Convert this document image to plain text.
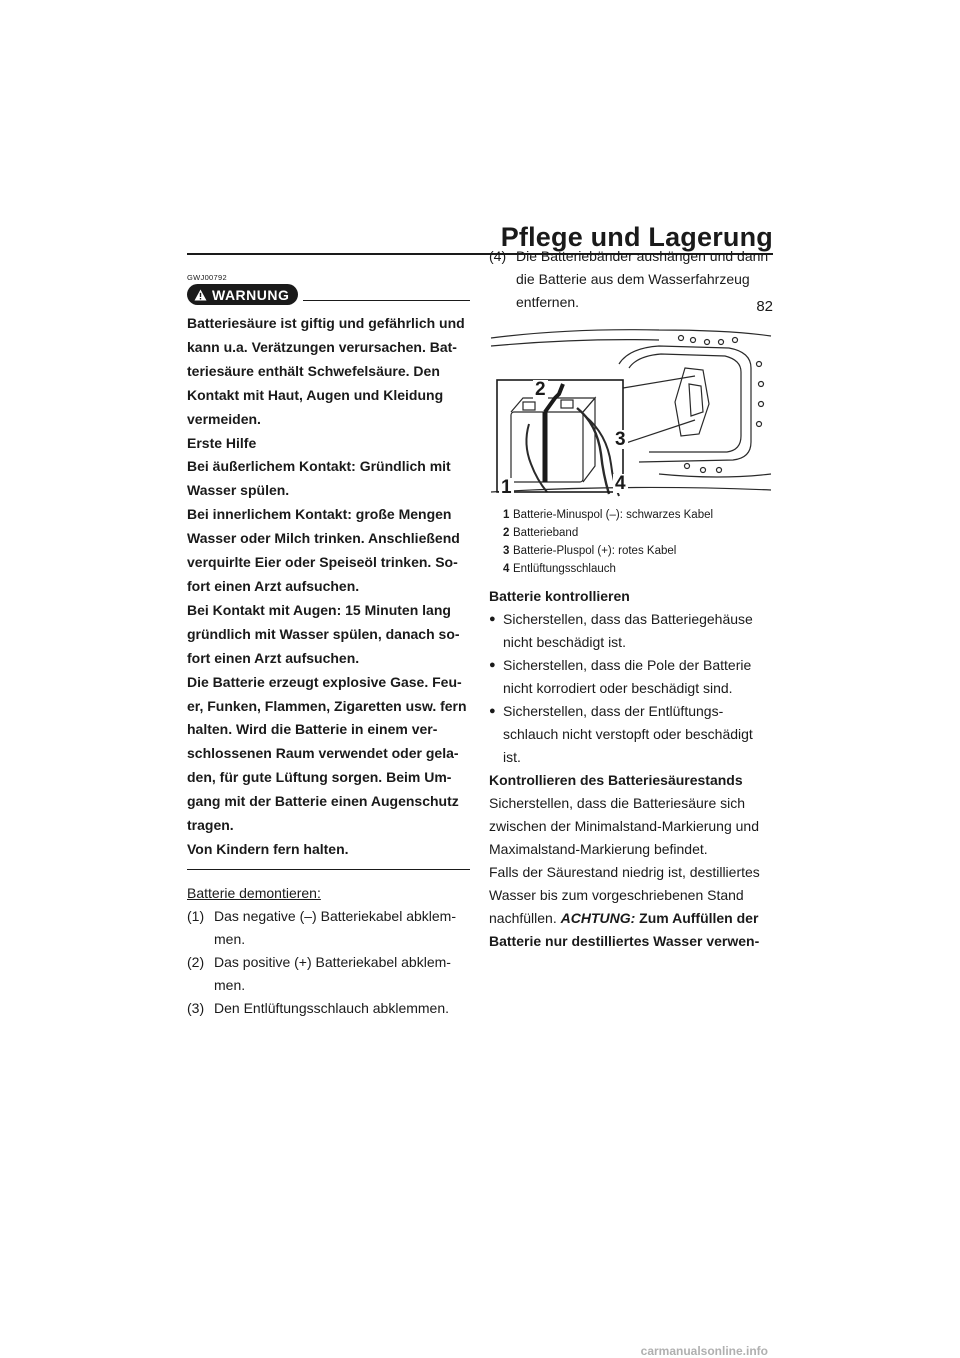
Pflege und Lagerung
82
GWJ00792
WARNUNG

Batteriesäure ist giftig und gefährlich und

kann u.a. Verätzungen verursachen. Bat-

teriesäure enthält Schwefelsäure. Den

Kontakt mit Haut, Augen und Kleidung

vermeiden.

Erste Hilfe

Bei äußerlichem Kontakt: Gründlich mit

Wasser spülen.

Bei innerlichem Kontakt: große Mengen

Wasser oder Milch trinken. Anschließend

verquirlte Eier oder Speiseöl trinken. So-

fort einen Arzt aufsuchen.

Bei Kontakt mit Augen: 15 Minuten lang

gründlich mit Wasser spülen, danach so-

fort einen Arzt aufsuchen.

Die Batterie erzeugt explosive Gase. Feu-

er, Funken, Flammen, Zigaretten usw. fern

halten. Wird die Batterie in einem ver-

schlossenen Raum verwendet oder gela-

den, für gute Lüftung sorgen. Beim Um-

gang mit der Batterie einen Augenschutz

tragen.

Von Kindern fern halten.

Batterie demontieren:
(1) Das negative (–) Batteriekabel abklem-
men.
(2) Das positive (+) Batteriekabel abklem-
men.
(3) Den Entlüftungsschlauch abklemmen.
(4) Die Batteriebänder aushängen und dann
die Batterie aus dem Wasserfahrzeug
entfernen.
2
3
1	4
1 Batterie-Minuspol (–): schwarzes Kabel
2 Batterieband
3 Batterie-Pluspol (+): rotes Kabel
4 Entlüftungsschlauch
Batterie kontrollieren
● Sicherstellen, dass das Batteriegehäuse
nicht beschädigt ist.
● Sicherstellen, dass die Pole der Batterie
nicht korrodiert oder beschädigt sind.
● Sicherstellen, dass der Entlüftungs-
schlauch nicht verstopft oder beschädigt
ist.
Kontrollieren des Batteriesäurestands

Sicherstellen, dass die Batteriesäure sich

zwischen der Minimalstand-Markierung und

Maximalstand-Markierung befindet.

Falls der Säurestand niedrig ist, destilliertes

Wasser bis zum vorgeschriebenen Stand

nachfüllen. ACHTUNG: Zum Auffüllen der

Batterie nur destilliertes Wasser verwen-

carmanualsonline.info
